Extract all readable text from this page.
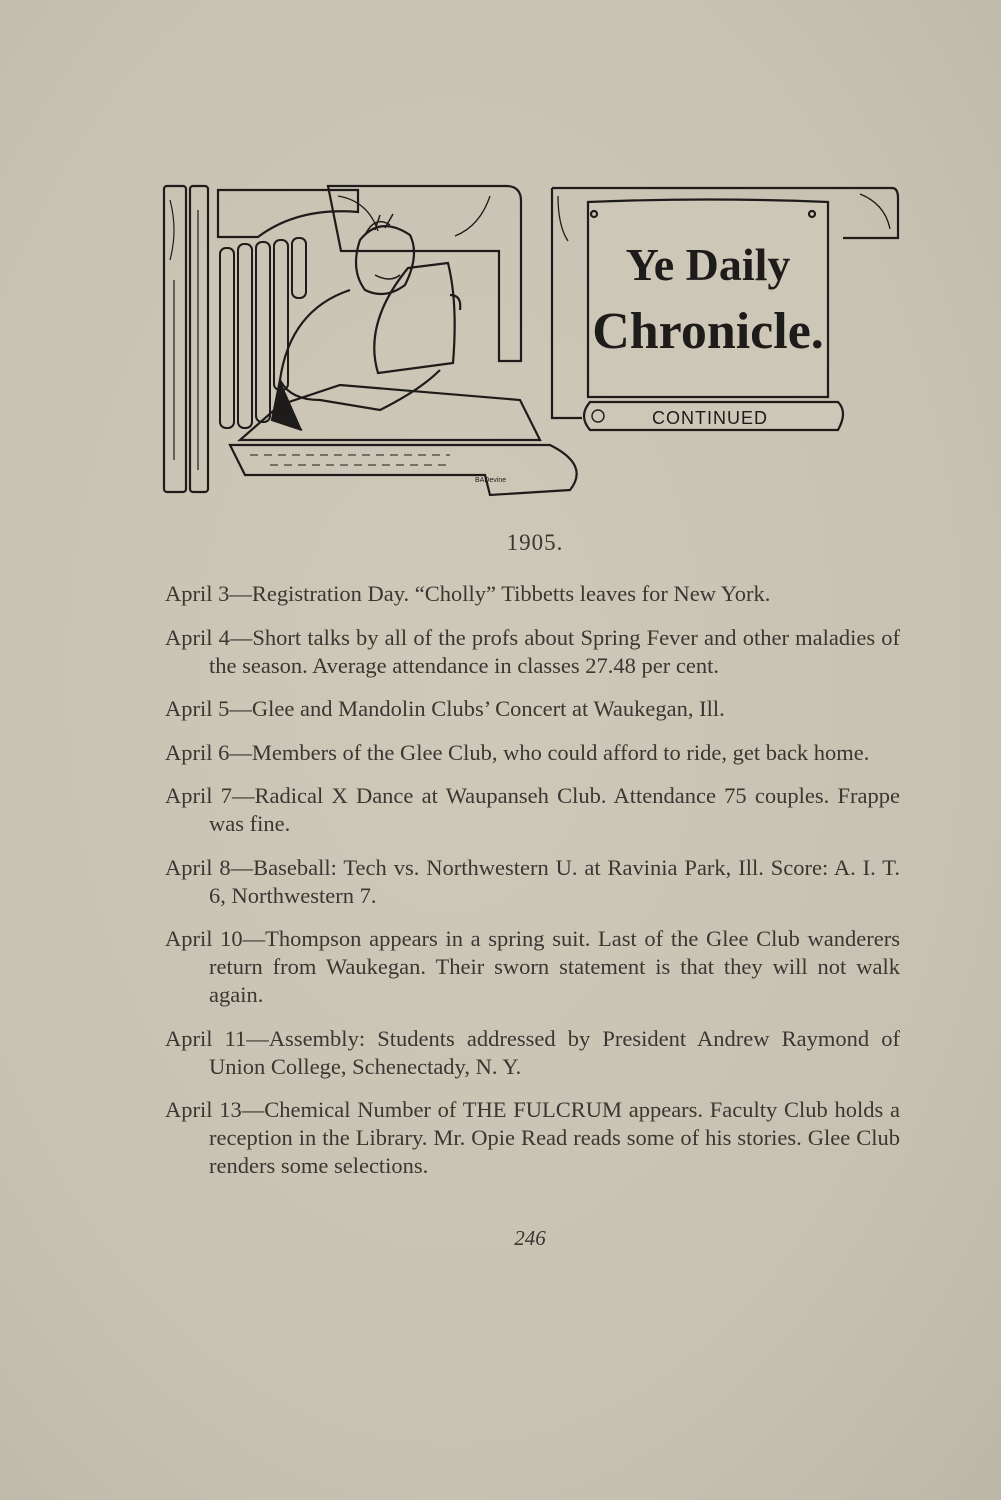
Ye Daily
Chronicle.
CONTINUED
BADevine
1905.

April 3—Registration Day. “Cholly” Tibbetts leaves for New York.

April 4—Short talks by all of the profs about Spring Fever and other maladies of the season. Average attendance in classes 27.48 per cent.

April 5—Glee and Mandolin Clubs’ Concert at Waukegan, Ill.

April 6—Members of the Glee Club, who could afford to ride, get back home.

April 7—Radical X Dance at Waupanseh Club. Attendance 75 couples. Frappe was fine.

April 8—Baseball: Tech vs. Northwestern U. at Ravinia Park, Ill. Score: A. I. T. 6, Northwestern 7.

April 10—Thompson appears in a spring suit. Last of the Glee Club wanderers return from Waukegan. Their sworn statement is that they will not walk again.

April 11—Assembly: Students addressed by President Andrew Raymond of Union College, Schenectady, N. Y.

April 13—Chemical Number of THE FULCRUM appears. Faculty Club holds a reception in the Library. Mr. Opie Read reads some of his stories. Glee Club renders some selections.

246
